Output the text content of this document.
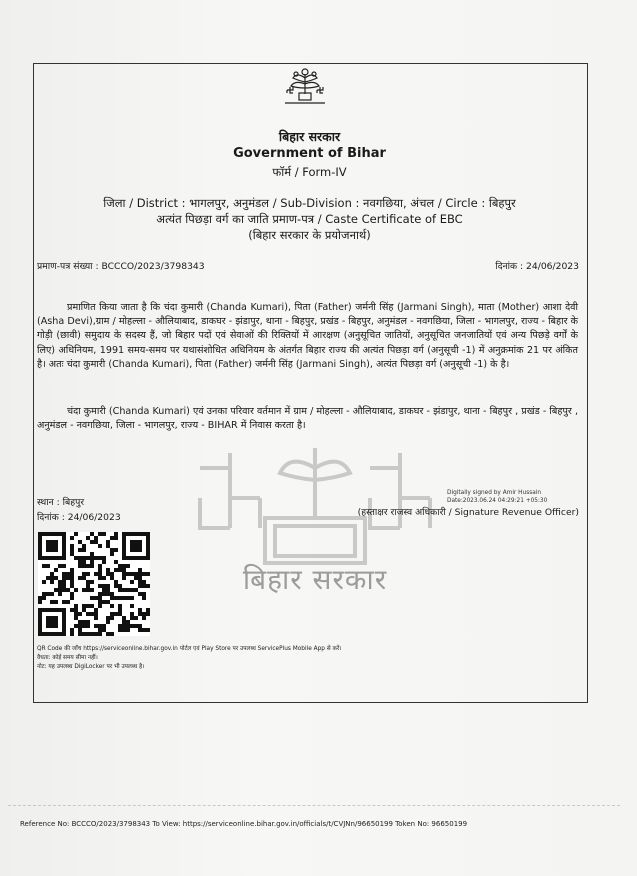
बिहार सरकार
बिहार सरकार
Government of Bihar
फॉर्म / Form-IV
जिला / District : भागलपुर, अनुमंडल / Sub-Division : नवगछिया, अंचल / Circle : बिहपुर
अत्यंत पिछड़ा वर्ग का जाति प्रमाण-पत्र / Caste Certificate of EBC
(बिहार सरकार के प्रयोजनार्थ)
प्रमाण-पत्र संख्या : BCCCO/2023/3798343	दिनांक : 24/06/2023
प्रमाणित किया जाता है कि चंदा कुमारी (Chanda Kumari), पिता (Father) जर्मनी सिंह (Jarmani Singh), माता (Mother) आशा देवी (Asha Devi),ग्राम / मोहल्ला - औलियाबाद, डाकघर - झंडापुर, थाना - बिहपुर, प्रखंड - बिहपुर, अनुमंडल - नवगछिया, जिला - भागलपुर, राज्य - बिहार के गोड़ी (छावी) समुदाय के सदस्य हैं, जो बिहार पदों एवं सेवाओं की रिक्तियों में आरक्षण (अनुसूचित जातियों, अनुसूचित जनजातियों एवं अन्य पिछड़े वर्गों के लिए) अधिनियम, 1991 समय-समय पर यथासंशोधित अधिनियम के अंतर्गत बिहार राज्य की अत्यंत पिछड़ा वर्ग (अनुसूची -1) में अनुक्रमांक 21 पर अंकित है। अतः चंदा कुमारी (Chanda Kumari), पिता (Father) जर्मनी सिंह (Jarmani Singh), अत्यंत पिछड़ा वर्ग (अनुसूची -1) के है।
चंदा कुमारी (Chanda Kumari) एवं उनका परिवार वर्तमान में ग्राम / मोहल्ला - औलियाबाद, डाकघर - झंडापुर, थाना - बिहपुर , प्रखंड - बिहपुर , अनुमंडल - नवगछिया, जिला - भागलपुर, राज्य - BIHAR में निवास करता है।
Digitally signed by Amir Hussain
Date:2023.06.24 04:29:21 +05:30
स्थान : बिहपुर
दिनांक : 24/06/2023	(हस्ताक्षर राजस्व अधिकारी / Signature Revenue Officer)
QR Code की जाँच https://serviceonline.bihar.gov.in पोर्टल एवं Play Store पर उपलब्ध ServicePlus Mobile App से करें।
वैधता: कोई समय सीमा नहीं।
नोट: यह उपलब्ध DigiLocker पर भी उपलब्ध है।
Reference No: BCCCO/2023/3798343 To View: https://serviceonline.bihar.gov.in/officials/t/CVJNn/96650199 Token No: 96650199
